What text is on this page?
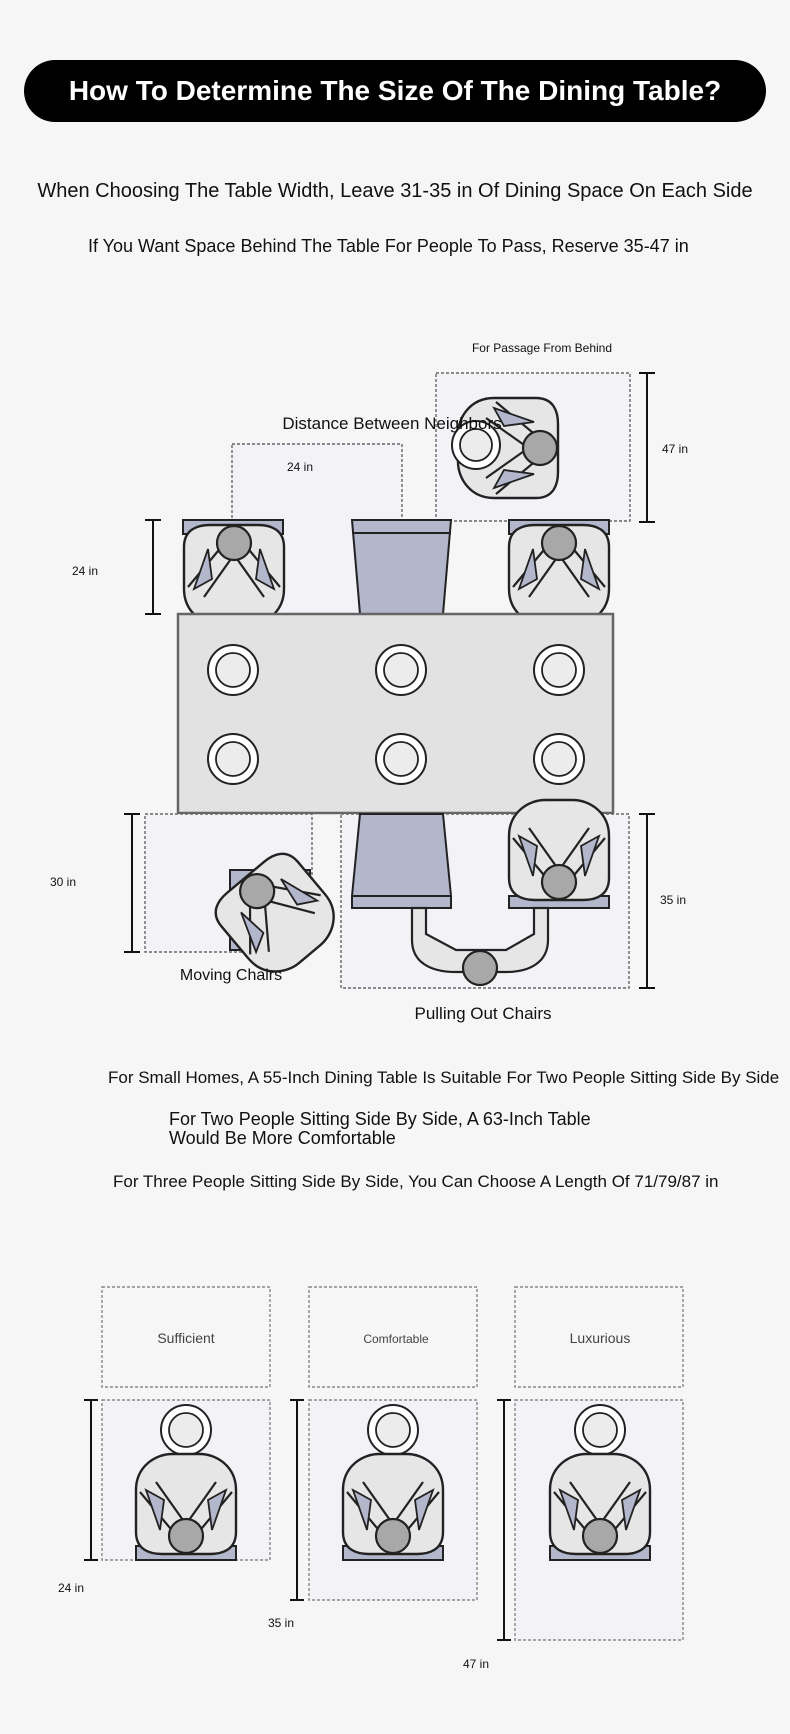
How To Determine The Size Of The Dining Table?
When Choosing The Table Width, Leave 31-35 in Of Dining Space On Each Side
If You Want Space Behind The Table For People To Pass, Reserve 35-47 in
For Passage From Behind
47 in
Distance Between Neighbors
24 in
24 in
30 in
Moving Chairs
35 in
Pulling Out Chairs
Sufficient
24 in
Comfortable
35 in
Luxurious
47 in
For Small Homes, A 55-Inch Dining Table Is Suitable For Two People Sitting Side By Side
For Two People Sitting Side By Side, A 63-Inch Table
Would Be More Comfortable
For Three People Sitting Side By Side, You Can Choose A Length Of 71/79/87 in
